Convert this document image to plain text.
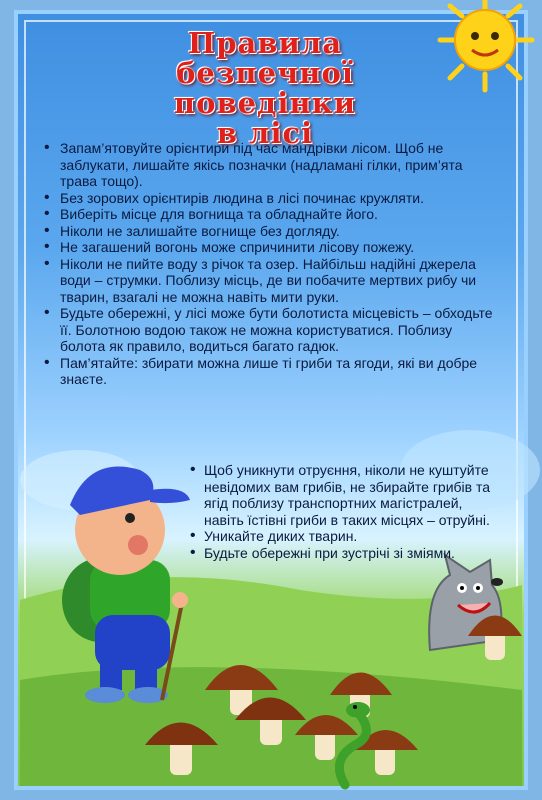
Правила
безпечної поведінки
в лісі
• Запам’ятовуйте орієнтири під час мандрівки лісом. Щоб не заблукати, лишайте якісь позначки (надламані гілки, прим’ята трава тощо).
• Без зорових орієнтирів людина в лісі починає кружляти.
• Виберіть місце для вогнища та обладнайте його.
• Ніколи не залишайте вогнище без догляду.
• Не загашений вогонь може спричинити лісову пожежу.
• Ніколи не пийте воду з річок та озер. Найбільш надійні джерела води – струмки. Поблизу місць, де ви побачите мертвих рибу чи тварин, взагалі не можна навіть мити руки.
• Будьте обережні, у лісі може бути болотиста місцевість – обходьте її. Болотною водою також не можна користуватися. Поблизу болота як правило, водиться багато гадюк.
• Пам’ятайте: збирати можна лише ті гриби та ягоди, які ви добре знаєте.
• Щоб уникнути отруєння, ніколи не куштуйте невідомих вам грибів, не збирайте грибів та ягід поблизу транспортних магістралей, навіть їстівні гриби в таких місцях – отруйні.
• Уникайте диких тварин.
• Будьте обережні при зустрічі зі зміями.
